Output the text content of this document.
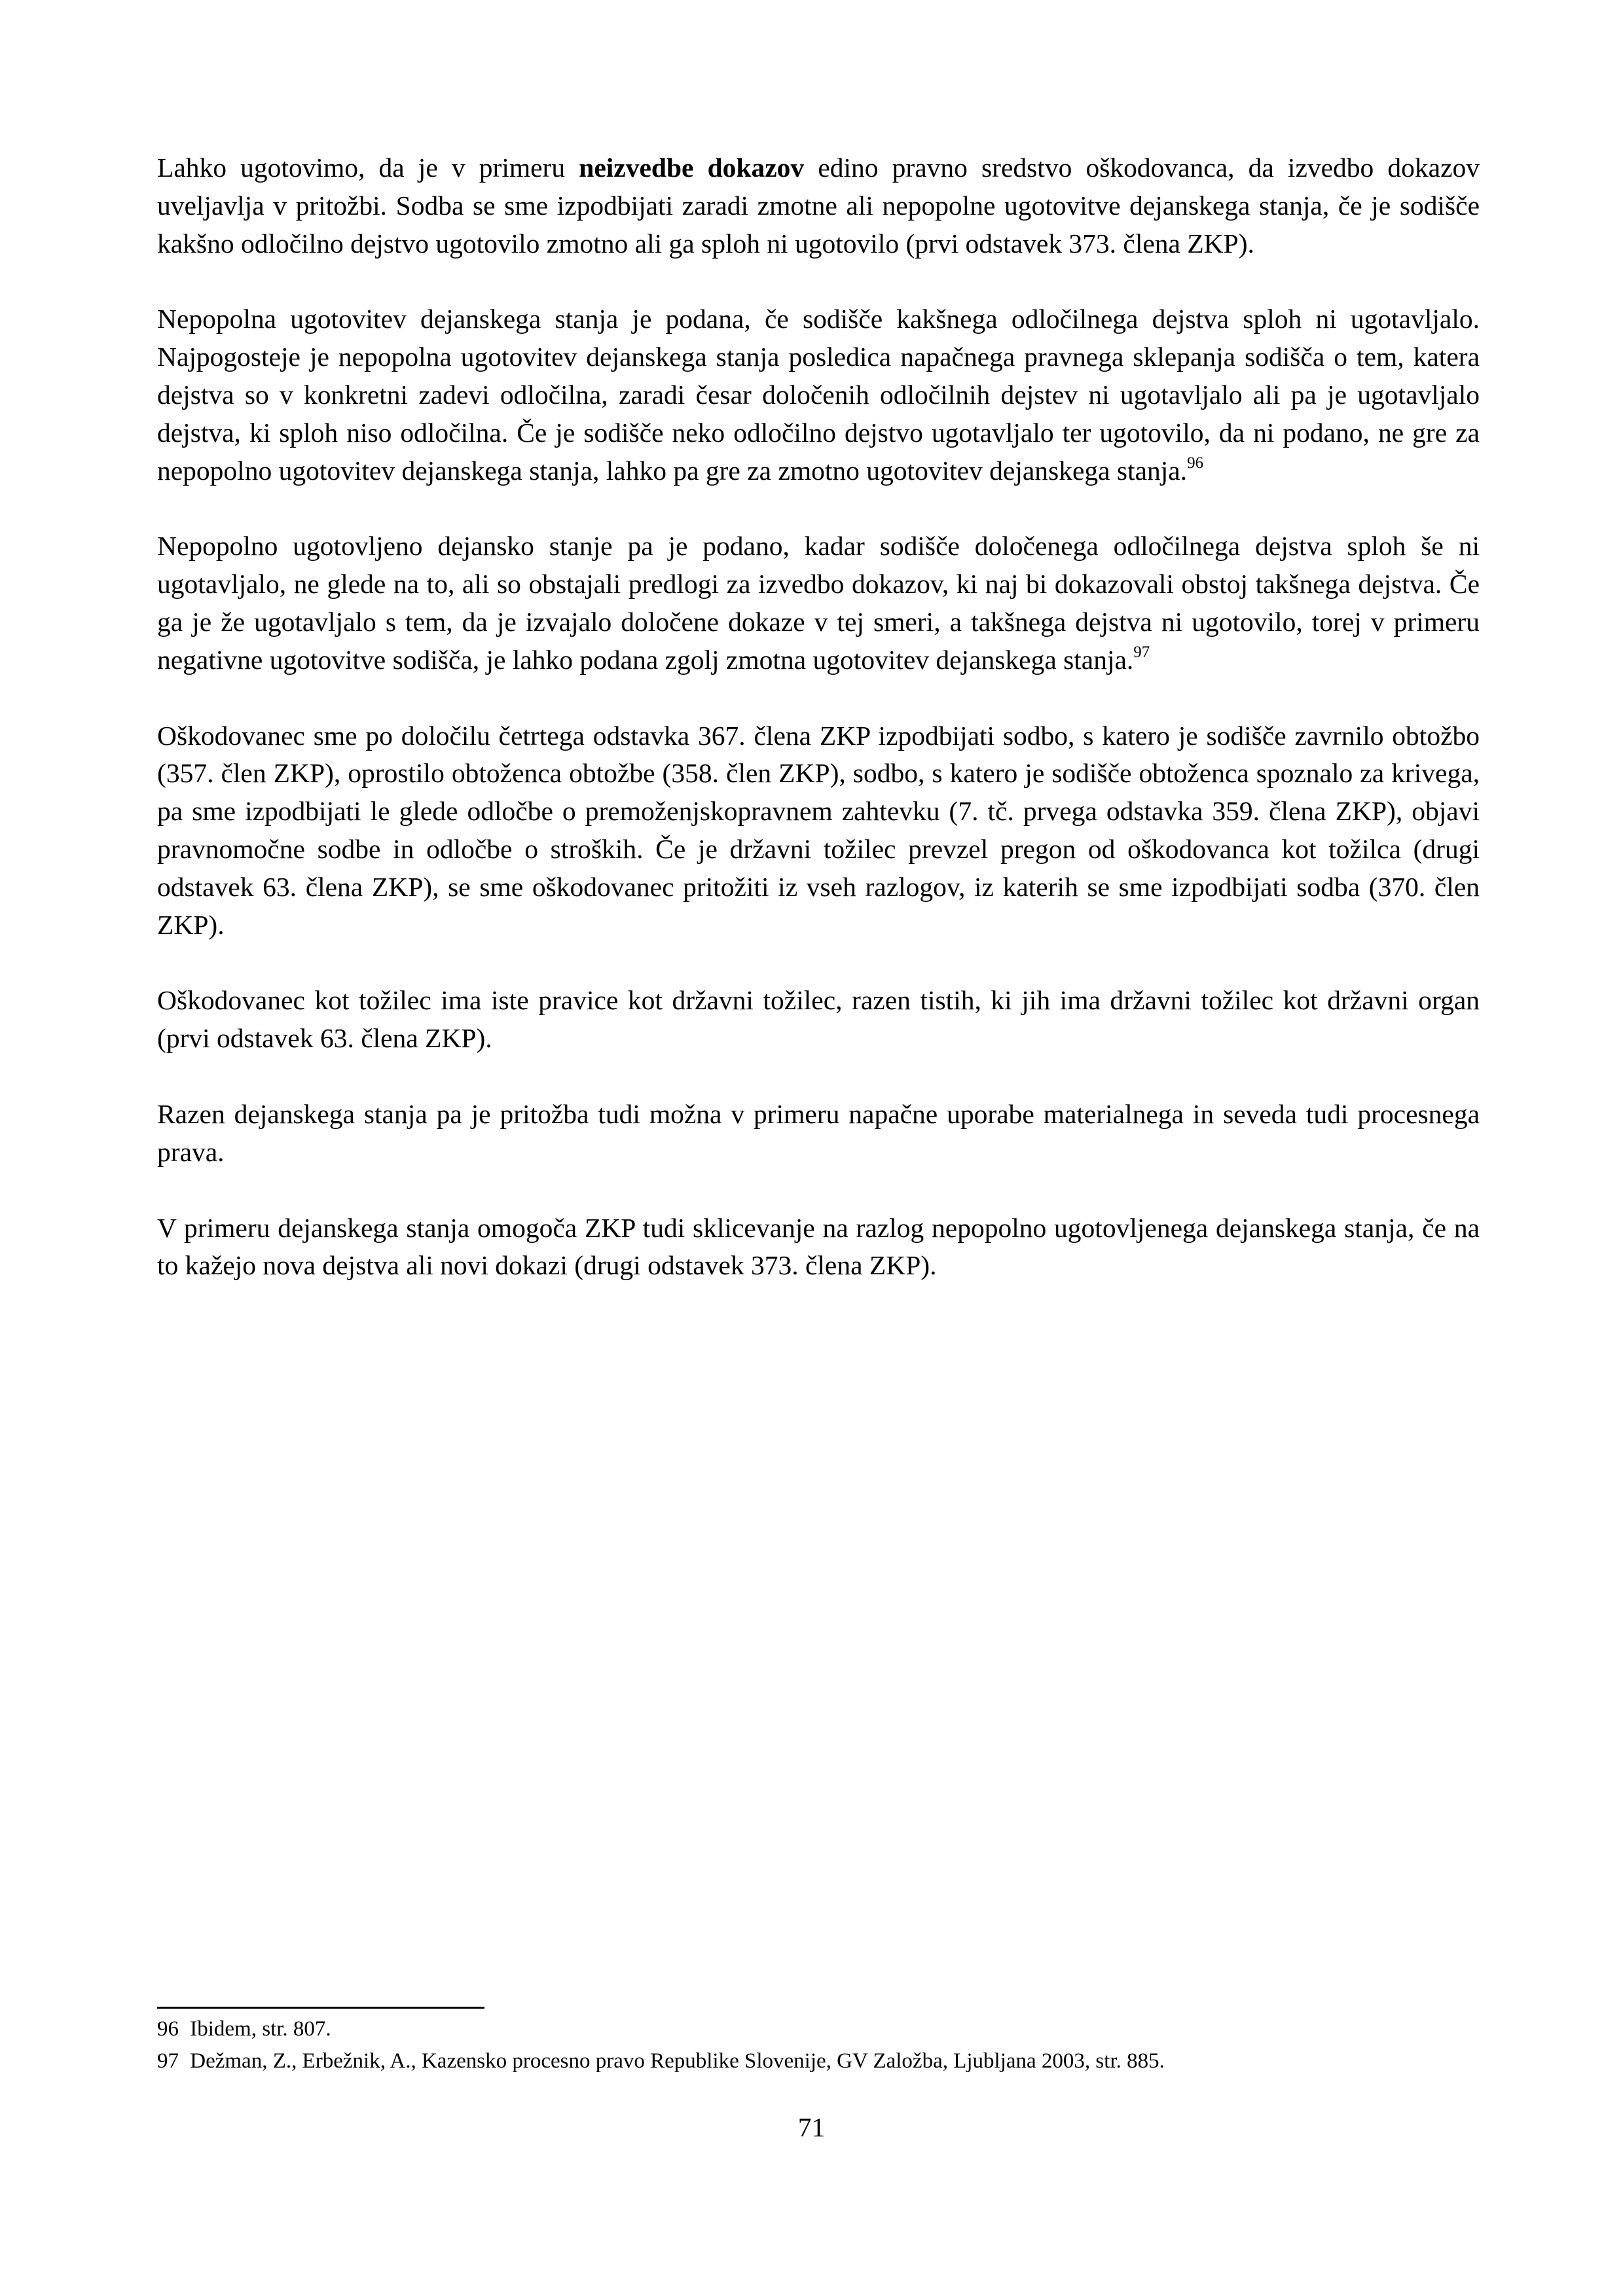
Lahko ugotovimo, da je v primeru neizvedbe dokazov edino pravno sredstvo oškodovanca, da izvedbo dokazov uveljavlja v pritožbi. Sodba se sme izpodbijati zaradi zmotne ali nepopolne ugotovitve dejanskega stanja, če je sodišče kakšno odločilno dejstvo ugotovilo zmotno ali ga sploh ni ugotovilo (prvi odstavek 373. člena ZKP).

Nepopolna ugotovitev dejanskega stanja je podana, če sodišče kakšnega odločilnega dejstva sploh ni ugotavljalo. Najpogosteje je nepopolna ugotovitev dejanskega stanja posledica napačnega pravnega sklepanja sodišča o tem, katera dejstva so v konkretni zadevi odločilna, zaradi česar določenih odločilnih dejstev ni ugotavljalo ali pa je ugotavljalo dejstva, ki sploh niso odločilna. Če je sodišče neko odločilno dejstvo ugotavljalo ter ugotovilo, da ni podano, ne gre za nepopolno ugotovitev dejanskega stanja, lahko pa gre za zmotno ugotovitev dejanskega stanja.$^{96}$

Nepopolno ugotovljeno dejansko stanje pa je podano, kadar sodišče določenega odločilnega dejstva sploh še ni ugotavljalo, ne glede na to, ali so obstajali predlogi za izvedbo dokazov, ki naj bi dokazovali obstoj takšnega dejstva. Če ga je že ugotavljalo s tem, da je izvajalo določene dokaze v tej smeri, a takšnega dejstva ni ugotovilo, torej v primeru negativne ugotovitve sodišča, je lahko podana zgolj zmotna ugotovitev dejanskega stanja.$^{97}$

Oškodovanec sme po določilu četrtega odstavka 367. člena ZKP izpodbijati sodbo, s katero je sodišče zavrnilo obtožbo (357. člen ZKP), oprostilo obtoženca obtožbe (358. člen ZKP), sodbo, s katero je sodišče obtoženca spoznalo za krivega, pa sme izpodbijati le glede odločbe o premoženjskopravnem zahtevku (7. tč. prvega odstavka 359. člena ZKP), objavi pravnomočne sodbe in odločbe o stroških. Če je državni tožilec prevzel pregon od oškodovanca kot tožilca (drugi odstavek 63. člena ZKP), se sme oškodovanec pritožiti iz vseh razlogov, iz katerih se sme izpodbijati sodba (370. člen ZKP).

Oškodovanec kot tožilec ima iste pravice kot državni tožilec, razen tistih, ki jih ima državni tožilec kot državni organ (prvi odstavek 63. člena ZKP).

Razen dejanskega stanja pa je pritožba tudi možna v primeru napačne uporabe materialnega in seveda tudi procesnega prava.

V primeru dejanskega stanja omogoča ZKP tudi sklicevanje na razlog nepopolno ugotovljenega dejanskega stanja, če na to kažejo nova dejstva ali novi dokazi (drugi odstavek 373. člena ZKP).

96 Ibidem, str. 807.

97 Dežman, Z., Erbežnik, A., Kazensko procesno pravo Republike Slovenije, GV Založba, Ljubljana 2003, str. 885.

71
